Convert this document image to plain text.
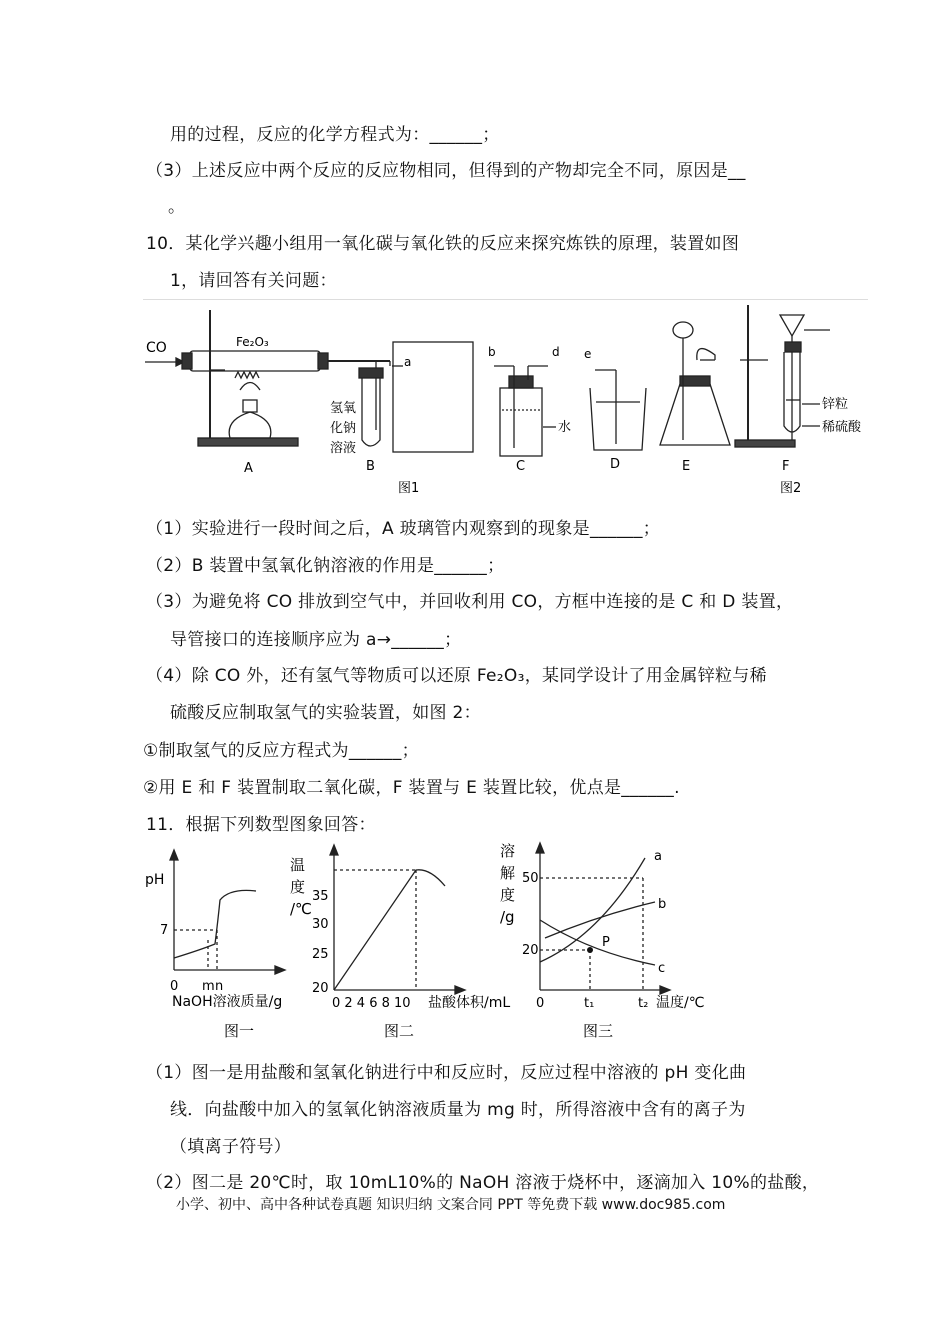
用的过程，反应的化学方程式为：______；
（3）上述反应中两个反应的反应物相同，但得到的产物却完全不同，原因是__
。
10．某化学兴趣小组用一氧化碳与氧化铁的反应来探究炼铁的原理，装置如图
1，请回答有关问题：
CO	Fe₂O₃
氢氧
化钠
溶液
a
b	d e
水
锌粒
稀硫酸
A	B	C	D	E	F
图1	图2
（1）实验进行一段时间之后，A 玻璃管内观察到的现象是______；
（2）B 装置中氢氧化钠溶液的作用是______；
（3）为避免将 CO 排放到空气中，并回收利用 CO，方框中连接的是 C 和 D 装置，
导管接口的连接顺序应为 a→______；
（4）除 CO 外，还有氢气等物质可以还原 Fe₂O₃，某同学设计了用金属锌粒与稀
硫酸反应制取氢气的实验装置，如图 2：
①制取氢气的反应方程式为______；
②用 E 和 F 装置制取二氧化碳，F 装置与 E 装置比较，优点是______.
11．根据下列数型图象回答：
pH
7
0 m n
NaOH溶液质量/g
图一
温
度
/℃
35
30
25
20
0 2 4 6 8 10 盐酸体积/mL
图二
溶
解
度
/g
50
20
0	t₁	t₂ 温度/℃
a
b
c
P
图三
（1）图一是用盐酸和氢氧化钠进行中和反应时，反应过程中溶液的 pH 变化曲
线．向盐酸中加入的氢氧化钠溶液质量为 mg 时，所得溶液中含有的离子为
（填离子符号）
（2）图二是 20℃时，取 10mL10%的 NaOH 溶液于烧杯中，逐滴加入 10%的盐酸，
小学、初中、高中各种试卷真题 知识归纳 文案合同 PPT 等免费下载 www.doc985.com
